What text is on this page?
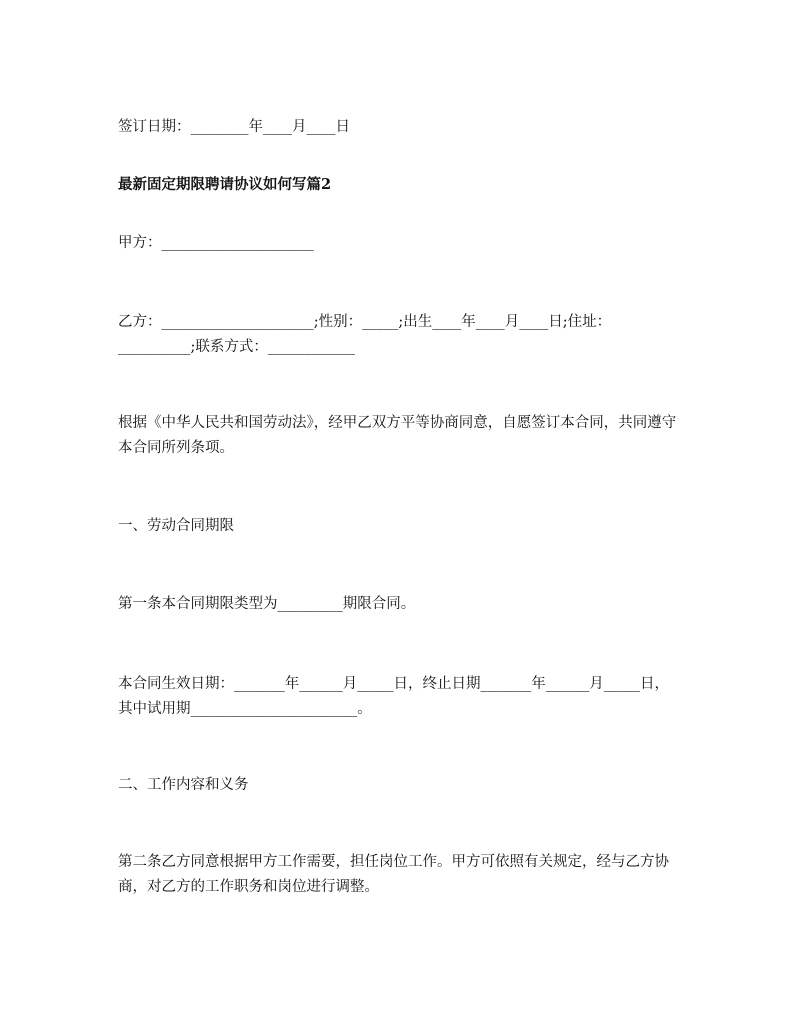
签订日期：________年____月____日

最新固定期限聘请协议如何写篇2

甲方：_____________________

乙方：_____________________;性别：_____;出生____年____月____日;住址：__________;联系方式：____________

根据《中华人民共和国劳动法》，经甲乙双方平等协商同意，自愿签订本合同，共同遵守本合同所列条项。

一、劳动合同期限

第一条本合同期限类型为_________期限合同。

本合同生效日期：_______年______月_____日，终止日期_______年______月_____日，其中试用期_______________________。

二、工作内容和义务

第二条乙方同意根据甲方工作需要，担任岗位工作。甲方可依照有关规定，经与乙方协商，对乙方的工作职务和岗位进行调整。
